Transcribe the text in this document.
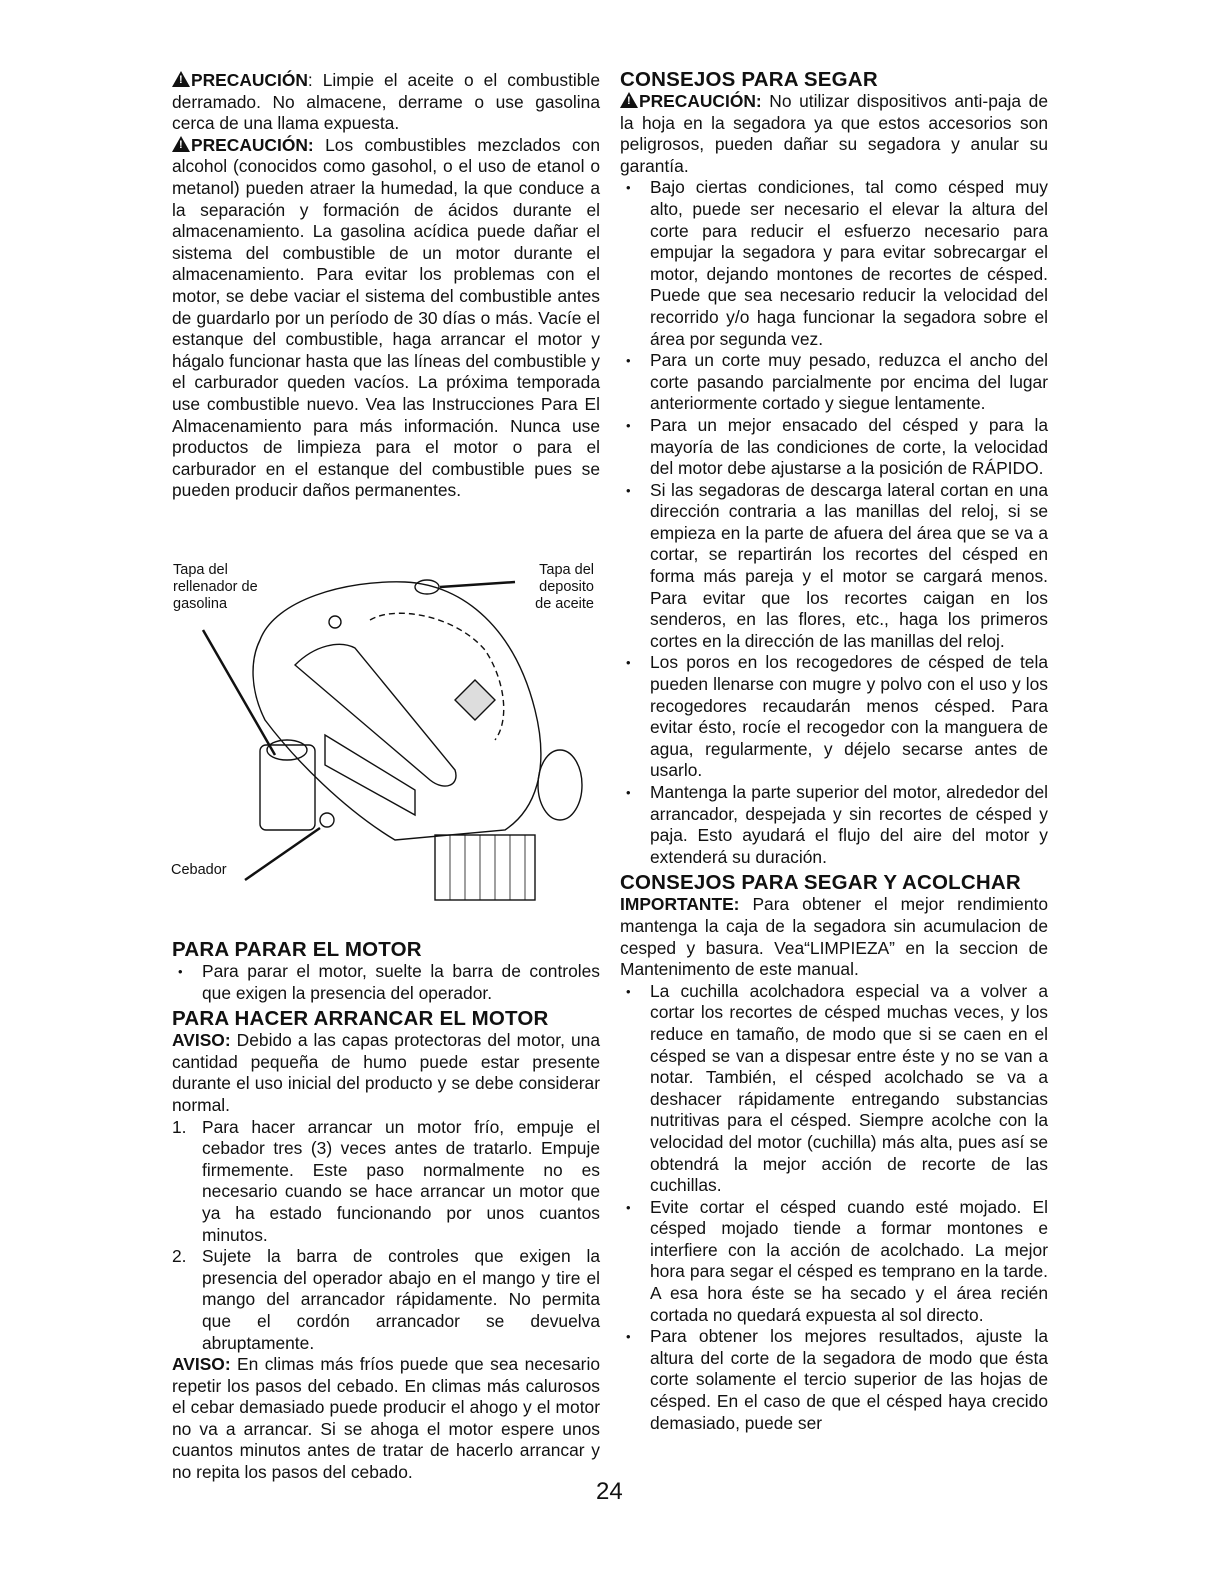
!PRECAUCIÓN: Limpie el aceite o el combustible derramado. No almacene, derrame o use gasolina cerca de una llama expuesta.

!PRECAUCIÓN: Los combustibles mezclados con alcohol (conocidos como gasohol, o el uso de etanol o metanol) pueden atraer la humedad, la que conduce a la separación y formación de ácidos durante el almacenamiento. La gasolina acídica puede dañar el sistema del combustible de un motor durante el almacenamiento. Para evitar los problemas con el motor, se debe vaciar el sistema del combustible antes de guardarlo por un período de 30 días o más. Vacíe el estanque del combustible, haga arrancar el motor y hágalo funcionar hasta que las líneas del combustible y el carburador queden vacíos. La próxima temporada use combustible nuevo. Vea las Instrucciones Para El Almacenamiento para más información. Nunca use productos de limpieza para el motor o para el carburador en el estanque del combustible pues se pueden producir daños permanentes.

Tapa del
rellenador de
gasolina
Tapa del
deposito
de aceite
Cebador
PARA PARAR EL MOTOR
• Para parar el motor, suelte la barra de controles que exigen la presencia del operador.
PARA HACER ARRANCAR EL MOTOR

AVISO: Debido a las capas protectoras del motor, una cantidad pequeña de humo puede estar presente durante el uso inicial del producto y se debe considerar normal.

1. Para hacer arrancar un motor frío, empuje el cebador tres (3) veces antes de tratarlo. Empuje firmemente. Este paso normalmente no es necesario cuando se hace arrancar un motor que ya ha estado funcionando por unos cuantos minutos.
2. Sujete la barra de controles que exigen la presencia del operador abajo en el mango y tire el mango del arrancador rápidamente. No permita que el cordón arrancador se devuelva abruptamente.

AVISO: En climas más fríos puede que sea necesario repetir los pasos del cebado. En climas más calurosos el cebar demasiado puede producir el ahogo y el motor no va a arrancar. Si se ahoga el motor espere unos cuantos minutos antes de tratar de hacerlo arrancar y no repita los pasos del cebado.

CONSEJOS PARA SEGAR

!PRECAUCIÓN: No utilizar dispositivos anti-paja de la hoja en la segadora ya que estos accesorios son peligrosos, pueden dañar su segadora y anular su garantía.

• Bajo ciertas condiciones, tal como césped muy alto, puede ser necesario el elevar la altura del corte para reducir el esfuerzo necesario para empujar la segadora y para evitar sobrecargar el motor, dejando montones de recortes de césped. Puede que sea necesario reducir la velocidad del recorrido y/o haga funcionar la segadora sobre el área por segunda vez.
• Para un corte muy pesado, reduzca el ancho del corte pasando parcialmente por encima del lugar anteriormente cortado y siegue lentamente.
• Para un mejor ensacado del césped y para la mayoría de las condiciones de corte, la velocidad del motor debe ajustarse a la posición de RÁPIDO.
• Si las segadoras de descarga lateral cortan en una dirección contraria a las manillas del reloj, si se empieza en la parte de afuera del área que se va a cortar, se repartirán los recortes del césped en forma más pareja y el motor se cargará menos. Para evitar que los recortes caigan en los senderos, en las flores, etc., haga los primeros cortes en la dirección de las manillas del reloj.
• Los poros en los recogedores de césped de tela pueden llenarse con mugre y polvo con el uso y los recogedores recaudarán menos césped. Para evitar ésto, rocíe el recogedor con la manguera de agua, regularmente, y déjelo secarse antes de usarlo.
• Mantenga la parte superior del motor, alrededor del arrancador, despejada y sin recortes de césped y paja. Esto ayudará el flujo del aire del motor y extenderá su duración.
CONSEJOS PARA SEGAR Y ACOLCHAR

IMPORTANTE: Para obtener el mejor rendimiento mantenga la caja de la segadora sin acumulacion de cesped y basura. Vea“LIMPIEZA” en la seccion de Mantenimento de este manual.

• La cuchilla acolchadora especial va a volver a cortar los recortes de césped muchas veces, y los reduce en tamaño, de modo que si se caen en el césped se van a dispesar entre éste y no se van a notar. También, el césped acolchado se va a deshacer rápidamente entregando substancias nutritivas para el césped. Siempre acolche con la velocidad del motor (cuchilla) más alta, pues así se obtendrá la mejor acción de recorte de las cuchillas.
• Evite cortar el césped cuando esté mojado. El césped mojado tiende a formar montones e interfiere con la acción de acolchado. La mejor hora para segar el césped es temprano en la tarde. A esa hora éste se ha secado y el área recién cortada no quedará expuesta al sol directo.
• Para obtener los mejores resultados, ajuste la altura del corte de la segadora de modo que ésta corte solamente el tercio superior de las hojas de césped. En el caso de que el césped haya crecido demasiado, puede ser
24
